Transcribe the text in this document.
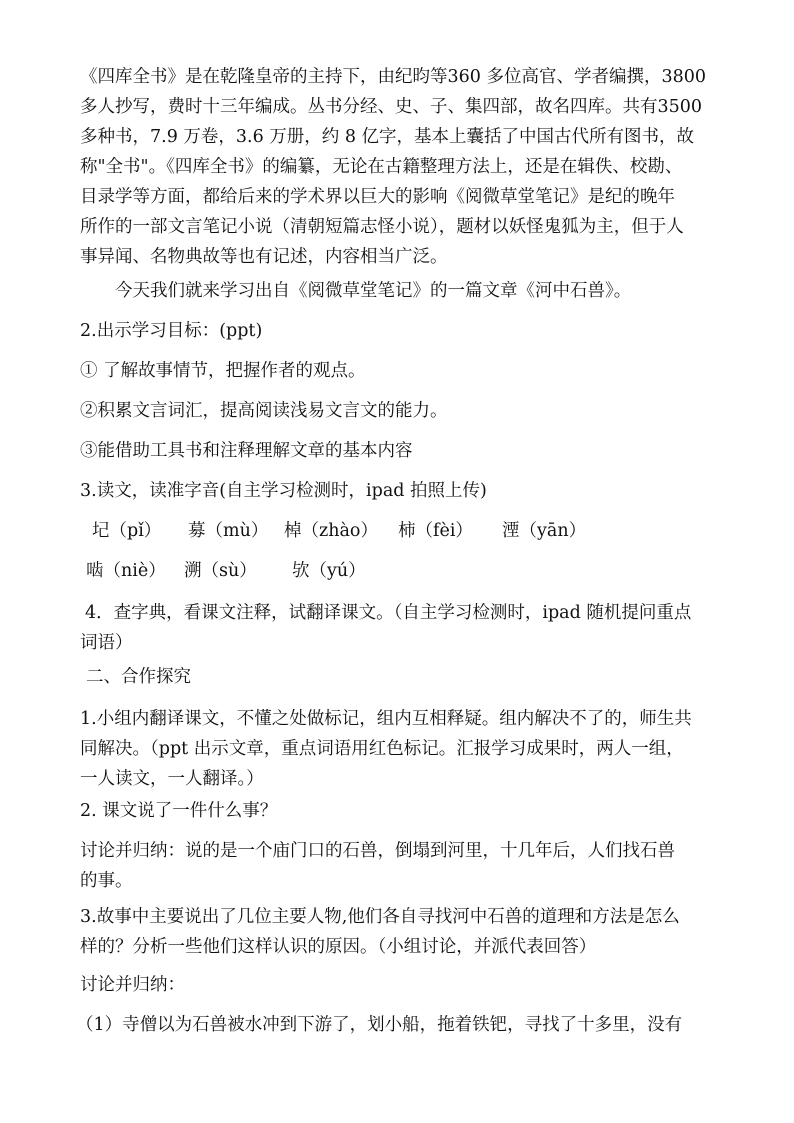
《四库全书》是在乾隆皇帝的主持下，由纪昀等360 多位高官、学者编撰，3800
多人抄写，费时十三年编成。丛书分经、史、子、集四部，故名四库。共有3500
多种书，7.9 万卷，3.6 万册，约 8 亿字，基本上囊括了中国古代所有图书，故
称"全书"。《四库全书》的编纂，无论在古籍整理方法上，还是在辑佚、校勘、
目录学等方面，都给后来的学术界以巨大的影响《阅微草堂笔记》是纪的晚年
所作的一部文言笔记小说（清朝短篇志怪小说），题材以妖怪鬼狐为主，但于人
事异闻、名物典故等也有记述，内容相当广泛。

今天我们就来学习出自《阅微草堂笔记》的一篇文章《河中石兽》。

2.出示学习目标：(ppt)

① 了解故事情节，把握作者的观点。

②积累文言词汇，提高阅读浅易文言文的能力。

③能借助工具书和注释理解文章的基本内容

3.读文，读准字音(自主学习检测时，ipad 拍照上传)

圮（pǐ） 募（mù） 棹（zhào） 柿（fèi） 湮（yān）
啮（niè） 溯（sù） 欤（yú）
4．查字典，看课文注释，试翻译课文。（自主学习检测时，ipad 随机提问重点
词语）

二、合作探究

1.小组内翻译课文，不懂之处做标记，组内互相释疑。组内解决不了的，师生共
同解决。（ppt 出示文章，重点词语用红色标记。汇报学习成果时，两人一组，
一人读文，一人翻译。）

2. 课文说了一件什么事？

讨论并归纳：说的是一个庙门口的石兽，倒塌到河里，十几年后，人们找石兽
的事。
3.故事中主要说出了几位主要人物,他们各自寻找河中石兽的道理和方法是怎么
样的？分析一些他们这样认识的原因。（小组讨论，并派代表回答）

讨论并归纳：

（1）寺僧以为石兽被水冲到下游了，划小船，拖着铁钯，寻找了十多里，没有
